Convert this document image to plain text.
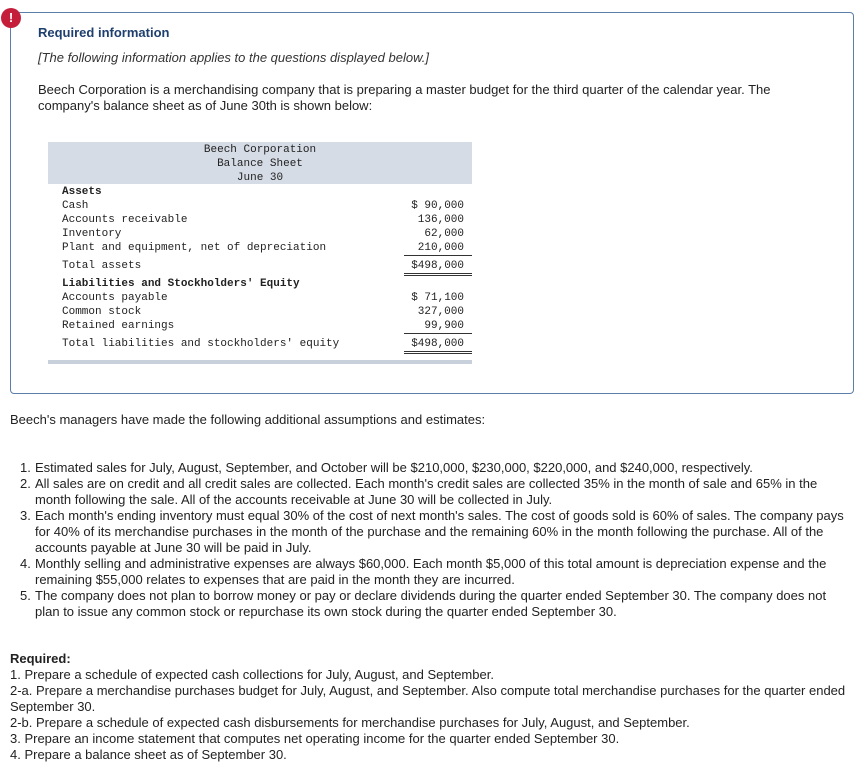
!

Required information

[The following information applies to the questions displayed below.]

Beech Corporation is a merchandising company that is preparing a master budget for the third quarter of the calendar year. The company's balance sheet as of June 30th is shown below:

Beech Corporation

Balance Sheet

June 30

Assets

Cash	$ 90,000

Accounts receivable	136,000

Inventory	62,000

Plant and equipment, net of depreciation	210,000

Total assets	$498,000

Liabilities and Stockholders' Equity

Accounts payable	$ 71,100

Common stock	327,000

Retained earnings	99,900

Total liabilities and stockholders' equity	$498,000

Beech's managers have made the following additional assumptions and estimates:

1. Estimated sales for July, August, September, and October will be $210,000, $230,000, $220,000, and $240,000, respectively.
2. All sales are on credit and all credit sales are collected. Each month's credit sales are collected 35% in the month of sale and 65% in the month following the sale. All of the accounts receivable at June 30 will be collected in July.
3. Each month's ending inventory must equal 30% of the cost of next month's sales. The cost of goods sold is 60% of sales. The company pays for 40% of its merchandise purchases in the month of the purchase and the remaining 60% in the month following the purchase. All of the accounts payable at June 30 will be paid in July.
4. Monthly selling and administrative expenses are always $60,000. Each month $5,000 of this total amount is depreciation expense and the remaining $55,000 relates to expenses that are paid in the month they are incurred.
5. The company does not plan to borrow money or pay or declare dividends during the quarter ended September 30. The company does not plan to issue any common stock or repurchase its own stock during the quarter ended September 30.

Required:

1. Prepare a schedule of expected cash collections for July, August, and September.

2-a. Prepare a merchandise purchases budget for July, August, and September. Also compute total merchandise purchases for the quarter ended September 30.

2-b. Prepare a schedule of expected cash disbursements for merchandise purchases for July, August, and September.

3. Prepare an income statement that computes net operating income for the quarter ended September 30.

4. Prepare a balance sheet as of September 30.
